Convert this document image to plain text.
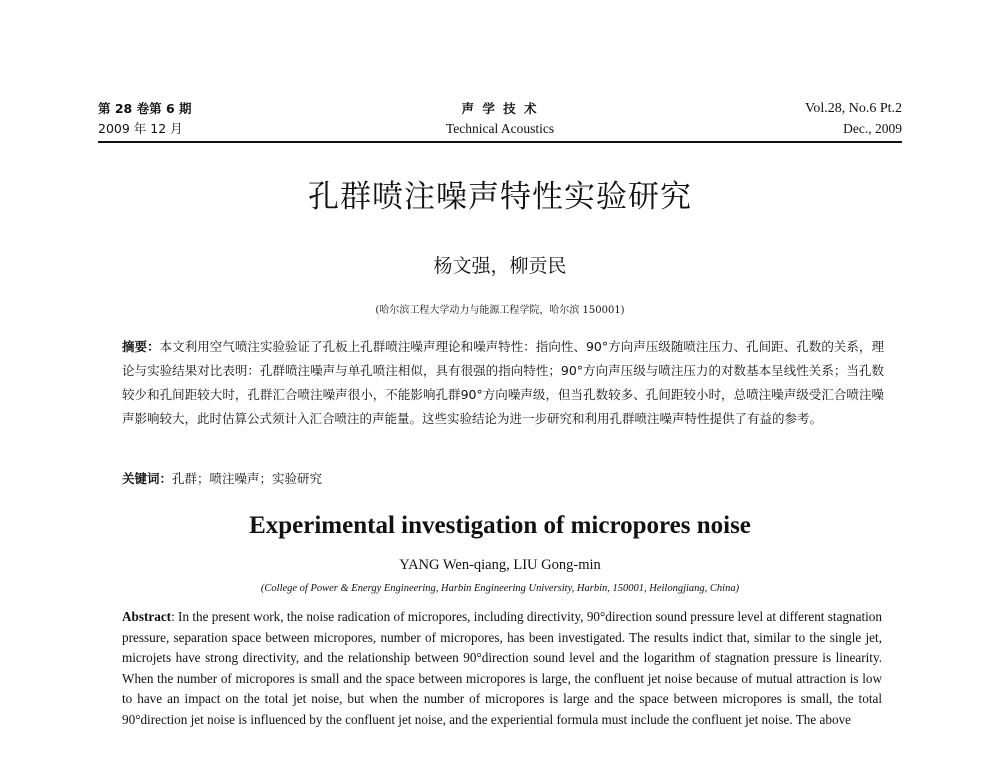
第 28 卷第 6 期
2009 年 12 月
声 学 技 术
Technical Acoustics
Vol.28, No.6 Pt.2
Dec., 2009
孔群喷注噪声特性实验研究
杨文强，柳贡民
(哈尔滨工程大学动力与能源工程学院，哈尔滨 150001)
摘要：本文利用空气喷注实验验证了孔板上孔群喷注噪声理论和噪声特性：指向性、90°方向声压级随喷注压力、孔间距、孔数的关系，理论与实验结果对比表明：孔群喷注噪声与单孔喷注相似，具有很强的指向特性；90°方向声压级与喷注压力的对数基本呈线性关系；当孔数较少和孔间距较大时，孔群汇合喷注噪声很小，不能影响孔群90°方向噪声级，但当孔数较多、孔间距较小时，总喷注噪声级受汇合喷注噪声影响较大，此时估算公式须计入汇合喷注的声能量。这些实验结论为进一步研究和利用孔群喷注噪声特性提供了有益的参考。
关键词：孔群；喷注噪声；实验研究
Experimental investigation of micropores noise
YANG Wen-qiang, LIU Gong-min
(College of Power & Energy Engineering, Harbin Engineering University, Harbin, 150001, Heilongjiang, China)
Abstract: In the present work, the noise radication of micropores, including directivity, 90°direction sound pressure level at different stagnation pressure, separation space between micropores, number of micropores, has been investigated. The results indict that, similar to the single jet, microjets have strong directivity, and the relationship between 90°direction sound level and the logarithm of stagnation pressure is linearity. When the number of micropores is small and the space between micropores is large, the confluent jet noise because of mutual attraction is low to have an impact on the total jet noise, but when the number of micropores is large and the space between micropores is small, the total 90°direction jet noise is influenced by the confluent jet noise, and the experiential formula must include the confluent jet noise. The above
